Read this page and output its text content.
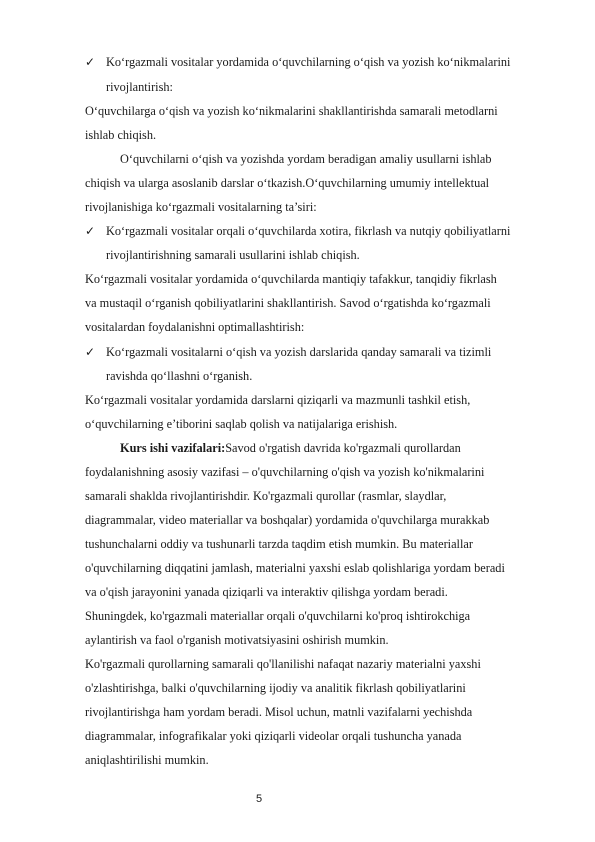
✓ Ko‘rgazmali vositalar yordamida o‘quvchilarning o‘qish va yozish ko‘nikmalarini
rivojlantirish:
O‘quvchilarga o‘qish va yozish ko‘nikmalarini shakllantirishda samarali metodlarni
ishlab chiqish.
O‘quvchilarni o‘qish va yozishda yordam beradigan amaliy usullarni ishlab
chiqish va ularga asoslanib darslar o‘tkazish.O‘quvchilarning umumiy intellektual
rivojlanishiga ko‘rgazmali vositalarning ta’siri:
✓ Ko‘rgazmali vositalar orqali o‘quvchilarda xotira, fikrlash va nutqiy qobiliyatlarni
rivojlantirishning samarali usullarini ishlab chiqish.
Ko‘rgazmali vositalar yordamida o‘quvchilarda mantiqiy tafakkur, tanqidiy fikrlash
va mustaqil o‘rganish qobiliyatlarini shakllantirish. Savod o‘rgatishda ko‘rgazmali
vositalardan foydalanishni optimallashtirish:
✓ Ko‘rgazmali vositalarni o‘qish va yozish darslarida qanday samarali va tizimli
ravishda qo‘llashni o‘rganish.
Ko‘rgazmali vositalar yordamida darslarni qiziqarli va mazmunli tashkil etish,
o‘quvchilarning e’tiborini saqlab qolish va natijalariga erishish.
Kurs ishi vazifalari:Savod o'rgatish davrida ko'rgazmali qurollardan
foydalanishning asosiy vazifasi – o'quvchilarning o'qish va yozish ko'nikmalarini
samarali shaklda rivojlantirishdir. Ko'rgazmali qurollar (rasmlar, slaydlar,
diagrammalar, video materiallar va boshqalar) yordamida o'quvchilarga murakkab
tushunchalarni oddiy va tushunarli tarzda taqdim etish mumkin. Bu materiallar
o'quvchilarning diqqatini jamlash, materialni yaxshi eslab qolishlariga yordam beradi
va o'qish jarayonini yanada qiziqarli va interaktiv qilishga yordam beradi.
Shuningdek, ko'rgazmali materiallar orqali o'quvchilarni ko'proq ishtirokchiga
aylantirish va faol o'rganish motivatsiyasini oshirish mumkin.
Ko'rgazmali qurollarning samarali qo'llanilishi nafaqat nazariy materialni yaxshi
o'zlashtirishga, balki o'quvchilarning ijodiy va analitik fikrlash qobiliyatlarini
rivojlantirishga ham yordam beradi. Misol uchun, matnli vazifalarni yechishda
diagrammalar, infografikalar yoki qiziqarli videolar orqali tushuncha yanada
aniqlashtirilishi mumkin.
5
